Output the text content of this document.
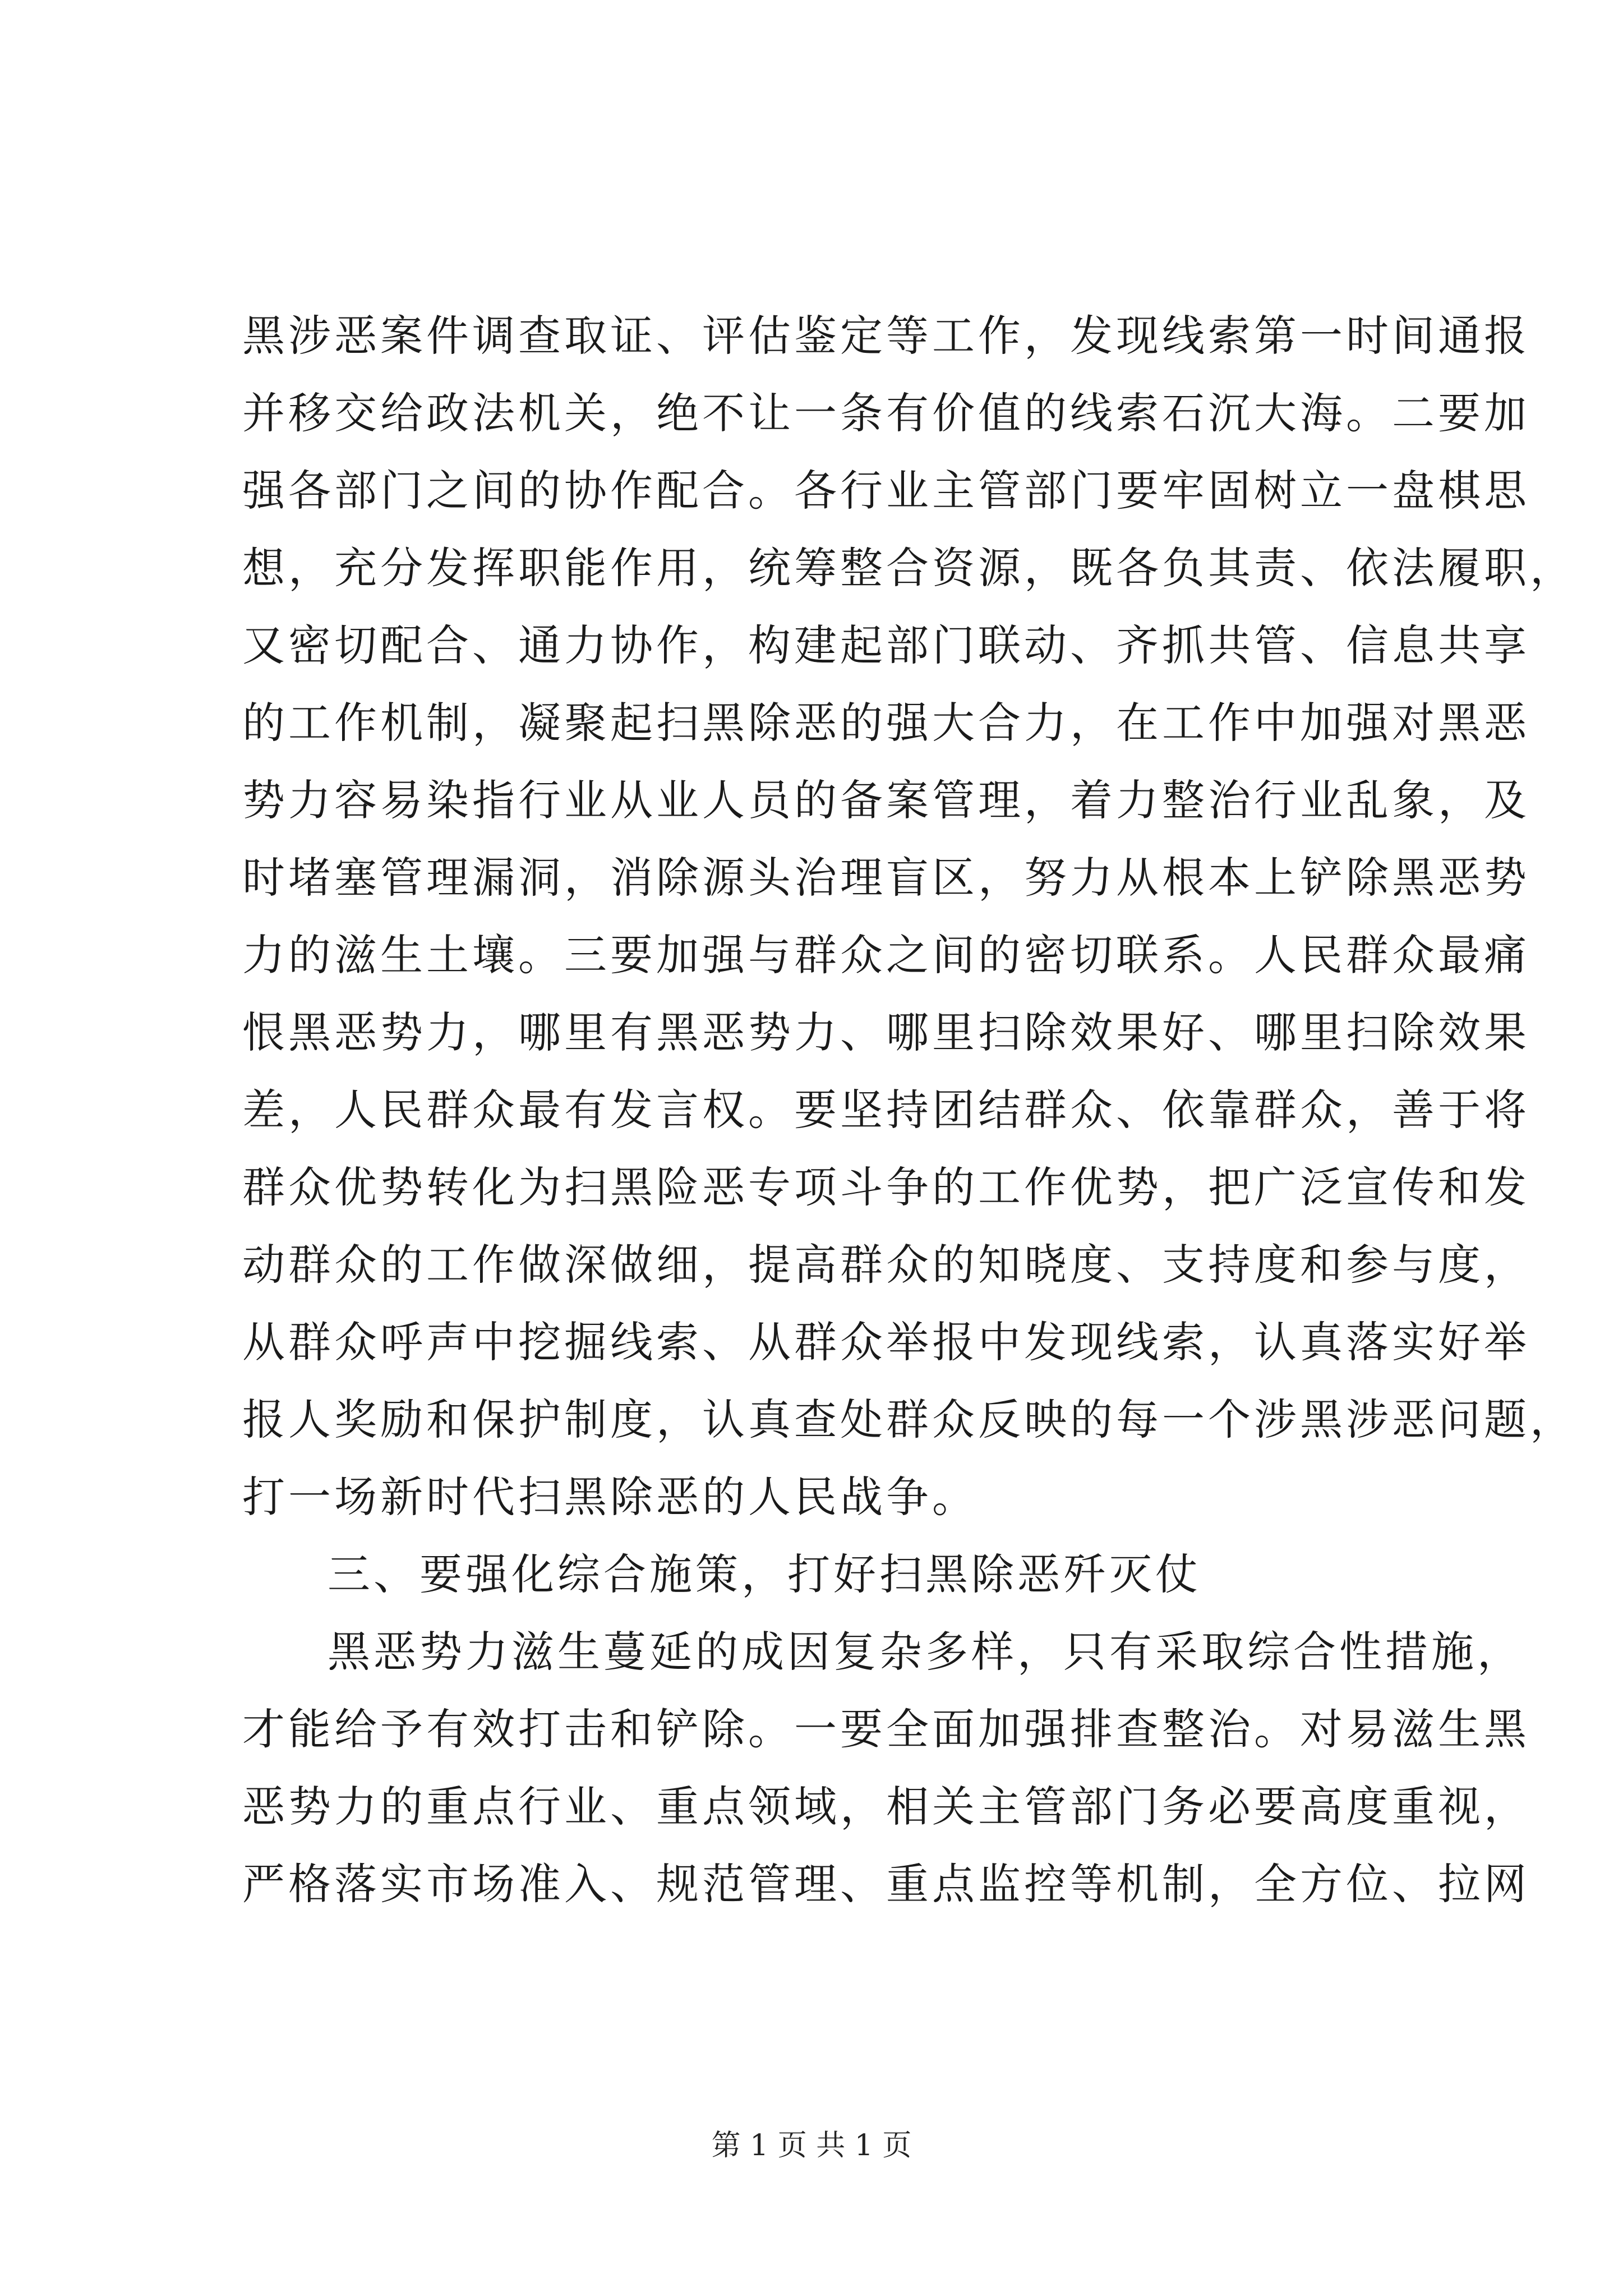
黑涉恶案件调查取证、评估鉴定等工作，发现线索第一时间通报
并移交给政法机关，绝不让一条有价值的线索石沉大海。二要加
强各部门之间的协作配合。各行业主管部门要牢固树立一盘棋思
想，充分发挥职能作用，统筹整合资源，既各负其责、依法履职，
又密切配合、通力协作，构建起部门联动、齐抓共管、信息共享
的工作机制，凝聚起扫黑除恶的强大合力，在工作中加强对黑恶
势力容易染指行业从业人员的备案管理，着力整治行业乱象，及
时堵塞管理漏洞，消除源头治理盲区，努力从根本上铲除黑恶势
力的滋生土壤。三要加强与群众之间的密切联系。人民群众最痛
恨黑恶势力，哪里有黑恶势力、哪里扫除效果好、哪里扫除效果
差，人民群众最有发言权。要坚持团结群众、依靠群众，善于将
群众优势转化为扫黑险恶专项斗争的工作优势，把广泛宣传和发
动群众的工作做深做细，提高群众的知晓度、支持度和参与度，
从群众呼声中挖掘线索、从群众举报中发现线索，认真落实好举
报人奖励和保护制度，认真查处群众反映的每一个涉黑涉恶问题，
打一场新时代扫黑除恶的人民战争。
三、要强化综合施策，打好扫黑除恶歼灭仗
黑恶势力滋生蔓延的成因复杂多样，只有采取综合性措施，
才能给予有效打击和铲除。一要全面加强排查整治。对易滋生黑
恶势力的重点行业、重点领域，相关主管部门务必要高度重视，
严格落实市场准入、规范管理、重点监控等机制，全方位、拉网
第 1 页 共 1 页
